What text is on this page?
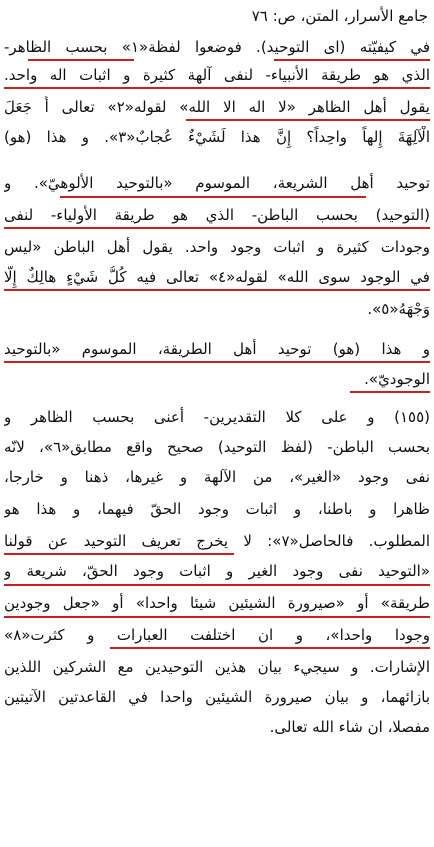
جامع الأسرار، المتن، ص: ٧٦
في كيفيّته (اى التوحيد). فوضعوا لفظة«١» بحسب الظاهر-
الذي هو طريقة الأنبياء- لنفى آلهة كثيرة و اثبات اله واحد.
يقول أهل الظاهر «لا اله الا الله» لقوله«٢» تعالى أَ جَعَلَ
الْآلِهَةَ إِلهاً واحِداً؟ إِنَّ هذا لَشَيْءٌ عُجابٌ«٣». و هذا (هو)
توحيد أهل الشريعة، الموسوم «بالتوحيد الألوهيّ». و
(التوحيد) بحسب الباطن- الذي هو طريقة الأولياء- لنفى
وجودات كثيرة و اثبات وجود واحد. يقول أهل الباطن «ليس
في الوجود سوى الله» لقوله«٤» تعالى فيه كُلُّ شَيْءٍ هالِكٌ إِلَّا
وَجْهَهُ«٥».
و هذا (هو) توحيد أهل الطريقة، الموسوم «بالتوحيد
الوجوديّ».
(١٥٥) و على كلا التقديرين- أعنى بحسب الظاهر و
بحسب الباطن- (لفظ التوحيد) صحيح واقع مطابق«٦»، لانّه
نفى وجود «الغير»، من الآلهة و غيرها، ذهنا و خارجا،
ظاهرا و باطنا، و اثبات وجود الحقّ فيهما، و هذا هو
المطلوب. فالحاصل«٧»: لا يخرج تعريف التوحيد عن قولنا
«التوحيد نفى وجود الغير و اثبات وجود الحقّ، شريعة و
طريقة» أو «صيرورة الشيئين شيئا واحدا» أو «جعل وجودين
وجودا واحدا»، و ان اختلفت العبارات و كثرت«٨»
الإشارات. و سيجيء بيان هذين التوحيدين مع الشركين اللذين
بازائهما، و بيان صيرورة الشيئين واحدا في القاعدتين الآتيتين
مفصلا، ان شاء الله تعالى.
